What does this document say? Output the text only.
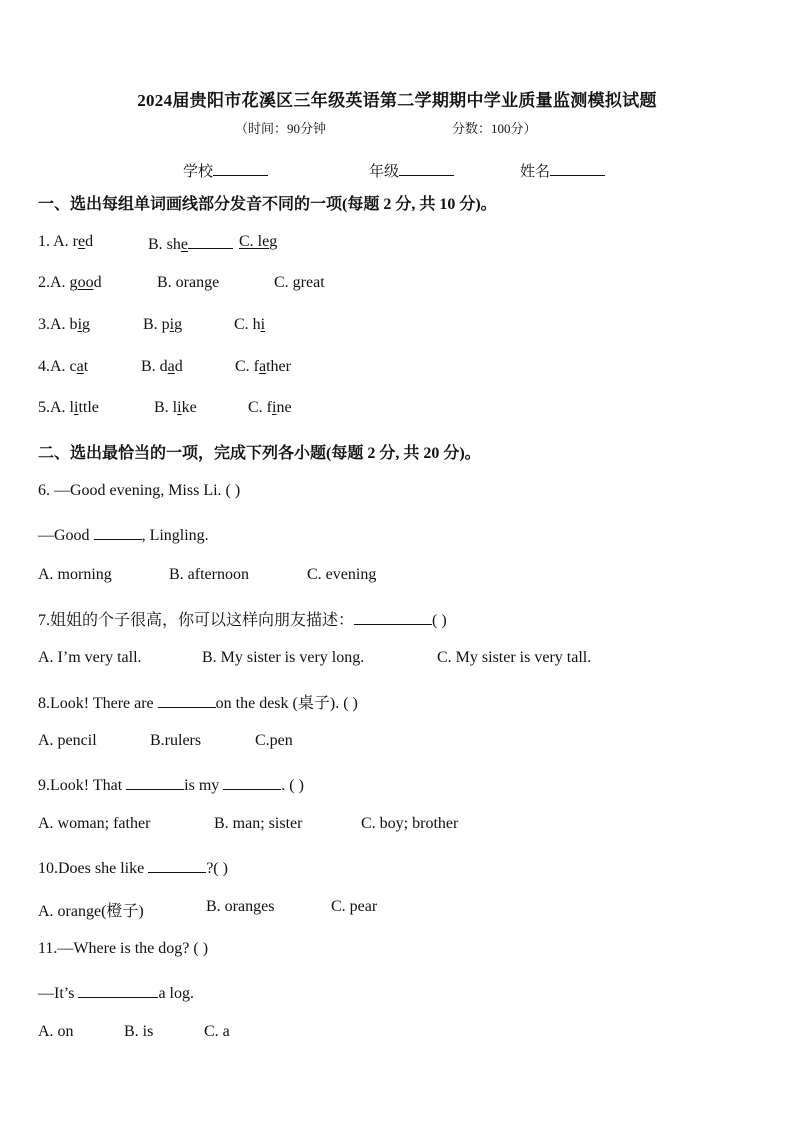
2024届贵阳市花溪区三年级英语第二学期期中学业质量监测模拟试题
（时间：90分钟	分数：100分）
学校	年级	姓名
一、选出每组单词画线部分发音不同的一项(每题 2 分, 共 10 分)。
1. A. red	B. she	C. leg
2.A. good	B. orange	C. great
3.A. big	B. pig	C. hi
4.A. cat	B. dad	C. father
5.A. little	B. like	C. fine
二、选出最恰当的一项，完成下列各小题(每题 2 分, 共 20 分)。
6. —Good evening, Miss Li. ( )
—Good	, Lingling.
A. morning	B. afternoon	C. evening
7.姐姐的个子很高，你可以这样向朋友描述：	( )
A. I’m very tall.	B. My sister is very long.	C. My sister is very tall.
8.Look! There are	on the desk (桌子). ( )
A. pencil	B.rulers	C.pen
9.Look! That	is my	. ( )
A. woman; father	B. man; sister	C. boy; brother
10.Does she like	?( )
A. orange(橙子)	B. oranges	C. pear
11.—Where is the dog? ( )
—It’s	a log.
A. on	B. is	C. a
